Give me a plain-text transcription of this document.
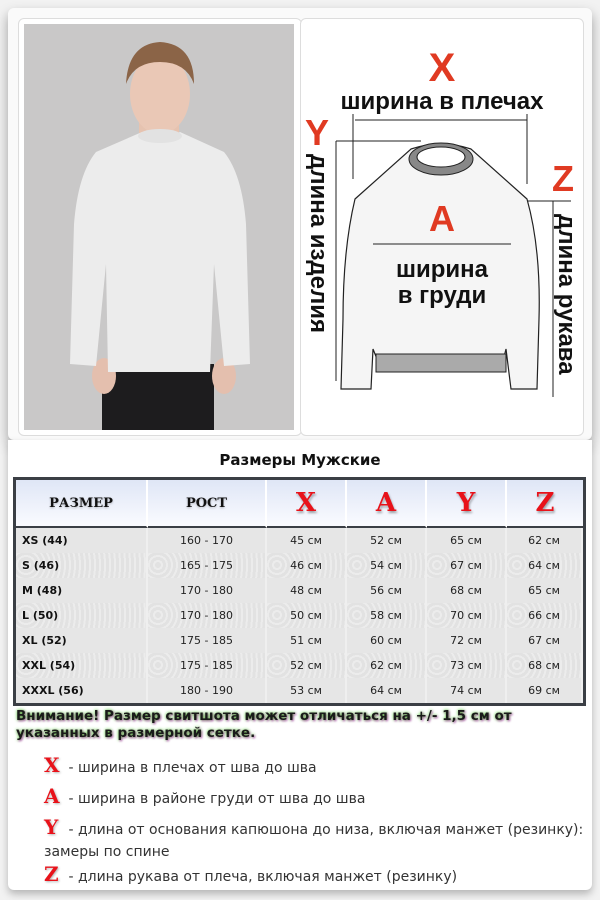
X
ширина в плечах
Y
длина изделия	Z
длина рукава
A
ширина
в груди
Размеры Мужские
РАЗМЕР	РОСТ	X	A	Y	Z
XS (44)	160 - 170	45 см	52 см	65 см	62 см
S (46)	165 - 175	46 см	54 см	67 см	64 см
M (48)	170 - 180	48 см	56 см	68 см	65 см
L (50)	170 - 180	50 см	58 см	70 см	66 см
XL (52)	175 - 185	51 см	60 см	72 см	67 см
XXL (54)	175 - 185	52 см	62 см	73 см	68 см
XXXL (56)	180 - 190	53 см	64 см	74 см	69 см
Внимание! Размер свитшота может отличаться на +/- 1,5 см от указанных в размерной сетке.
X - ширина в плечах от шва до шва
A - ширина в районе груди от шва до шва
Y - длина от основания капюшона до низа, включая манжет (резинку): замеры по спине
Z - длина рукава от плеча, включая манжет (резинку)
